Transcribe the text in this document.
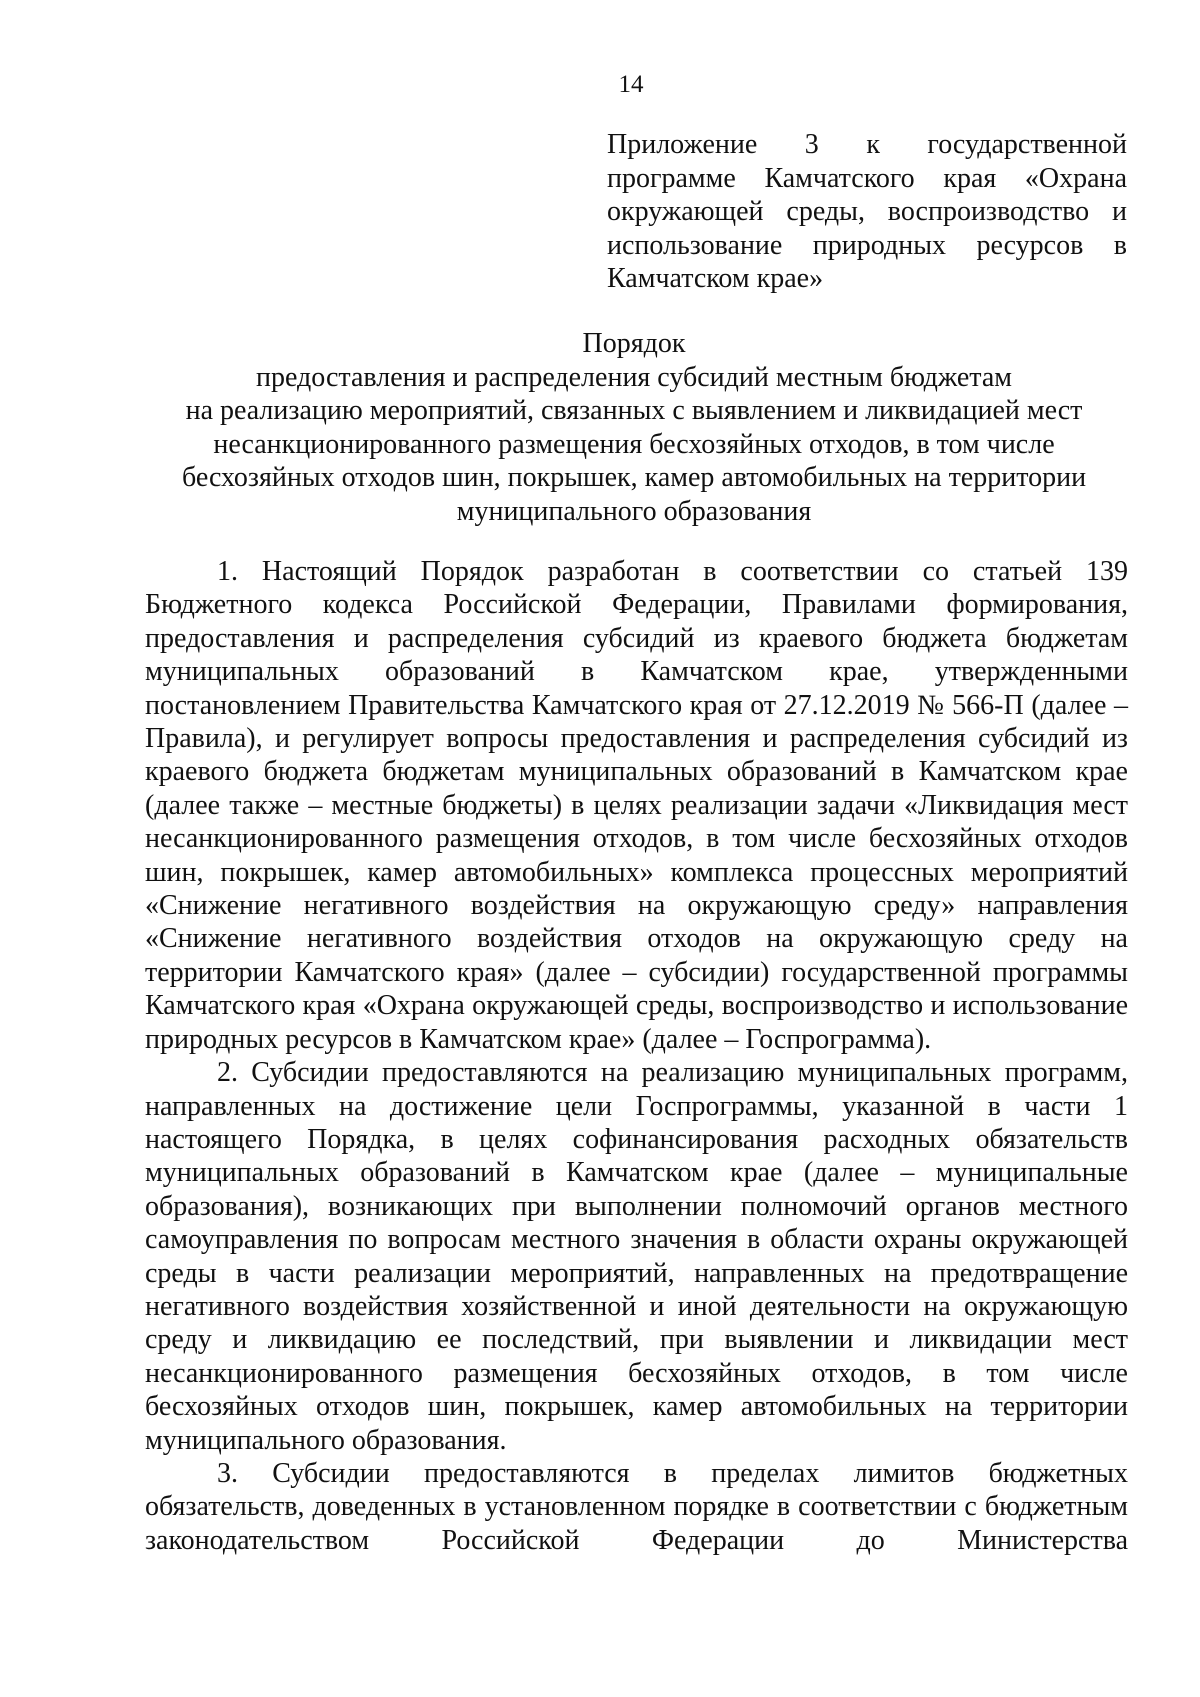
14
Приложение 3 к государственной программе Камчатского края «Охрана окружающей среды, воспроизводство и использование природных ресурсов в Камчатском крае»
Порядок
предоставления и распределения субсидий местным бюджетам
на реализацию мероприятий, связанных с выявлением и ликвидацией мест
несанкционированного размещения бесхозяйных отходов, в том числе
бесхозяйных отходов шин, покрышек, камер автомобильных на территории
муниципального образования

1. Настоящий Порядок разработан в соответствии со статьей 139 Бюджетного кодекса Российской Федерации, Правилами формирования, предоставления и распределения субсидий из краевого бюджета бюджетам муниципальных образований в Камчатском крае, утвержденными постановлением Правительства Камчатского края от 27.12.2019 № 566-П (далее – Правила), и регулирует вопросы предоставления и распределения субсидий из краевого бюджета бюджетам муниципальных образований в Камчатском крае (далее также – местные бюджеты) в целях реализации задачи «Ликвидация мест несанкционированного размещения отходов, в том числе бесхозяйных отходов шин, покрышек, камер автомобильных» комплекса процессных мероприятий «Снижение негативного воздействия на окружающую среду» направления «Снижение негативного воздействия отходов на окружающую среду на территории Камчатского края» (далее – субсидии) государственной программы Камчатского края «Охрана окружающей среды, воспроизводство и использование природных ресурсов в Камчатском крае» (далее – Госпрограмма).

2. Субсидии предоставляются на реализацию муниципальных программ, направленных на достижение цели Госпрограммы, указанной в части 1 настоящего Порядка, в целях софинансирования расходных обязательств муниципальных образований в Камчатском крае (далее – муниципальные образования), возникающих при выполнении полномочий органов местного самоуправления по вопросам местного значения в области охраны окружающей среды в части реализации мероприятий, направленных на предотвращение негативного воздействия хозяйственной и иной деятельности на окружающую среду и ликвидацию ее последствий, при выявлении и ликвидации мест несанкционированного размещения бесхозяйных отходов, в том числе бесхозяйных отходов шин, покрышек, камер автомобильных на территории муниципального образования.

3. Субсидии предоставляются в пределах лимитов бюджетных обязательств, доведенных в установленном порядке в соответствии с бюджетным законодательством Российской Федерации до Министерства
